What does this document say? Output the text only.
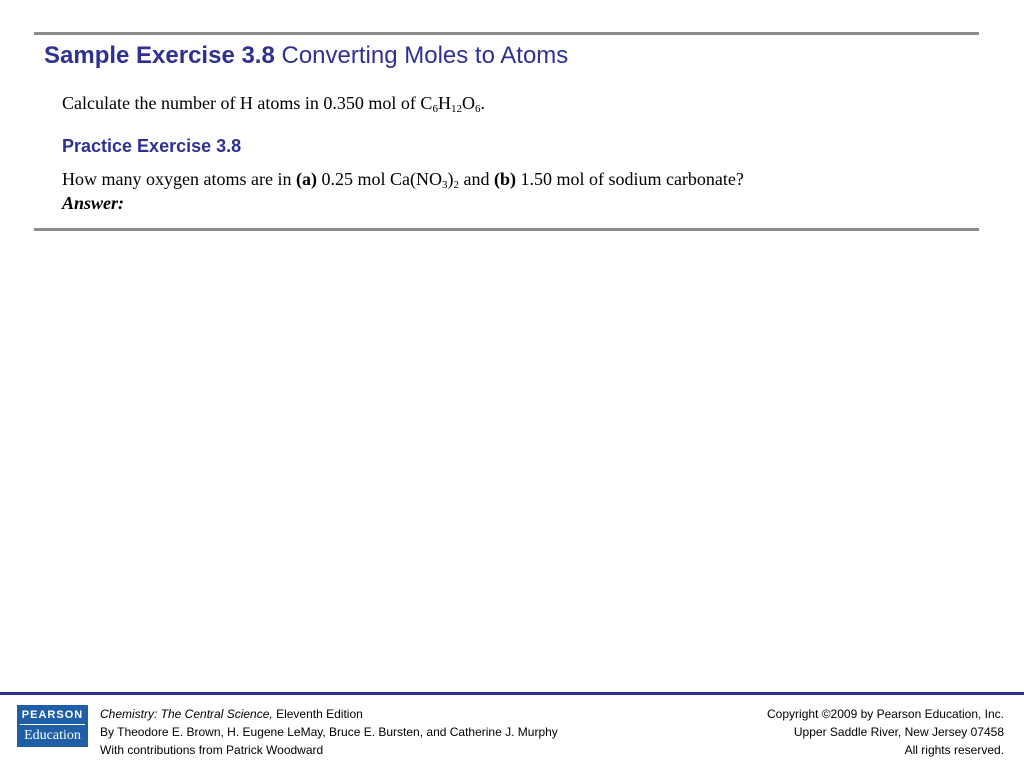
Sample Exercise 3.8 Converting Moles to Atoms
Calculate the number of H atoms in 0.350 mol of $C_6H_{12}O_6$.
Practice Exercise 3.8
How many oxygen atoms are in (a) 0.25 mol $Ca(NO_3)_2$ and (b) 1.50 mol of sodium carbonate?
Answer:
PEARSON
Education
Chemistry: The Central Science, Eleventh Edition
By Theodore E. Brown, H. Eugene LeMay, Bruce E. Bursten, and Catherine J. Murphy
With contributions from Patrick Woodward
Copyright ©2009 by Pearson Education, Inc.
Upper Saddle River, New Jersey 07458
All rights reserved.
